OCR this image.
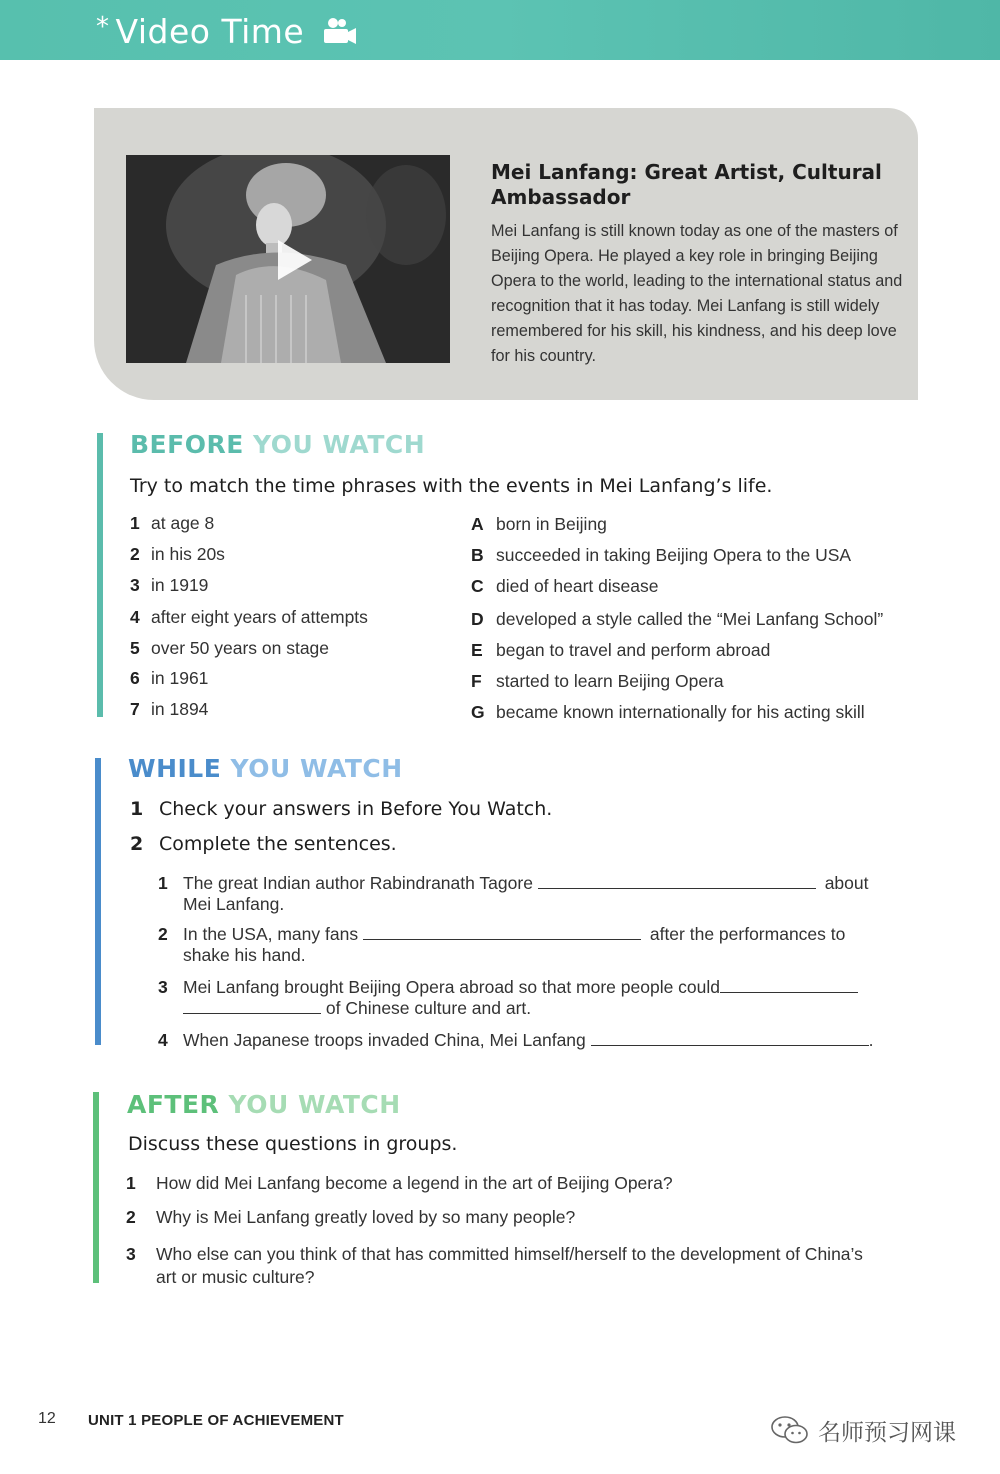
* Video Time
Mei Lanfang: Great Artist, Cultural Ambassador
Mei Lanfang is still known today as one of the masters of Beijing Opera. He played a key role in bringing Beijing Opera to the world, leading to the international status and recognition that it has today. Mei Lanfang is still widely remembered for his skill, his kindness, and his deep love for his country.
BEFORE YOU WATCH
Try to match the time phrases with the events in Mei Lanfang’s life.
1 at age 8
2 in his 20s
3 in 1919
4 after eight years of attempts
5 over 50 years on stage
6 in 1961
7 in 1894
A born in Beijing
B succeeded in taking Beijing Opera to the USA
C died of heart disease
D developed a style called the “Mei Lanfang School”
E began to travel and perform abroad
F started to learn Beijing Opera
G became known internationally for his acting skill
WHILE YOU WATCH
1 Check your answers in Before You Watch.
2 Complete the sentences.
1 The great Indian author Rabindranath Tagore	about
Mei Lanfang.
2 In the USA, many fans	after the performances to
shake his hand.
3 Mei Lanfang brought Beijing Opera abroad so that more people could
of Chinese culture and art.
4 When Japanese troops invaded China, Mei Lanfang	.
AFTER YOU WATCH
Discuss these questions in groups.
1 How did Mei Lanfang become a legend in the art of Beijing Opera?
2 Why is Mei Lanfang greatly loved by so many people?
3 Who else can you think of that has committed himself/herself to the development of China’s
art or music culture?
12 UNIT 1 PEOPLE OF ACHIEVEMENT	名师预习网课
